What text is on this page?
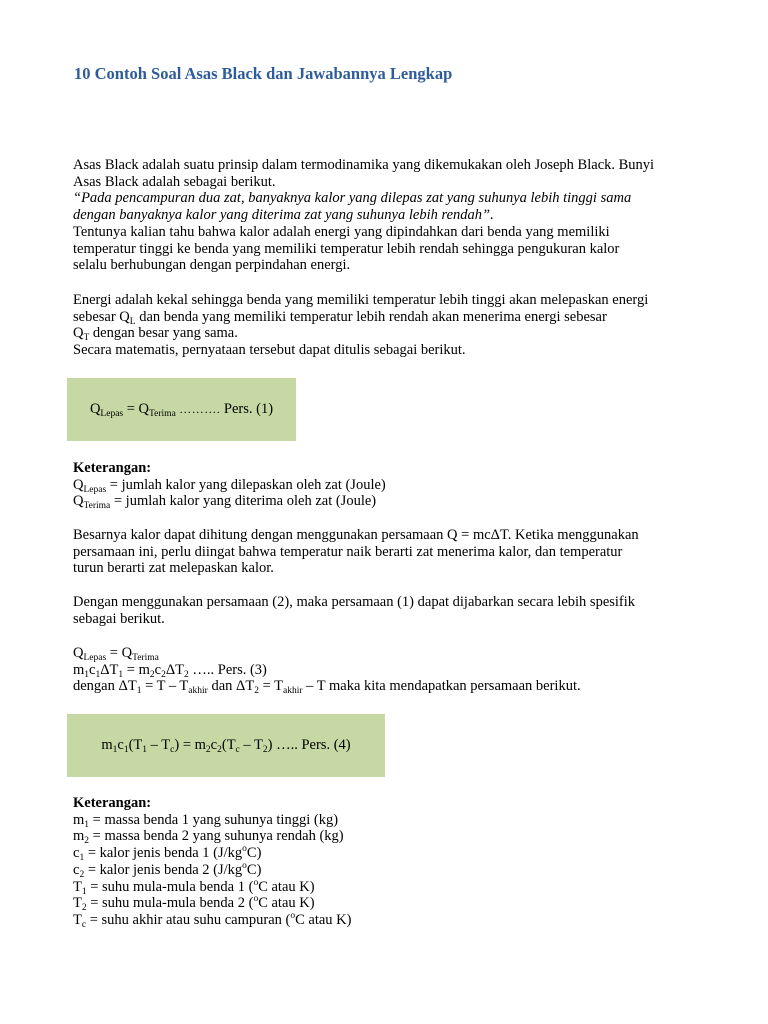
10 Contoh Soal Asas Black dan Jawabannya Lengkap

Asas Black adalah suatu prinsip dalam termodinamika yang dikemukakan oleh Joseph Black. Bunyi

Asas Black adalah sebagai berikut.

“Pada pencampuran dua zat, banyaknya kalor yang dilepas zat yang suhunya lebih tinggi sama

dengan banyaknya kalor yang diterima zat yang suhunya lebih rendah”.

Tentunya kalian tahu bahwa kalor adalah energi yang dipindahkan dari benda yang memiliki

temperatur tinggi ke benda yang memiliki temperatur lebih rendah sehingga pengukuran kalor

selalu berhubungan dengan perpindahan energi.

Energi adalah kekal sehingga benda yang memiliki temperatur lebih tinggi akan melepaskan energi

sebesar $Q_L$ dan benda yang memiliki temperatur lebih rendah akan menerima energi sebesar

$Q_T$ dengan besar yang sama.

Secara matematis, pernyataan tersebut dapat ditulis sebagai berikut.

$Q_{Lepas} = Q_{Terima}$ ………. Pers. (1)

Keterangan:

$Q_{Lepas}$ = jumlah kalor yang dilepaskan oleh zat (Joule)

$Q_{Terima}$ = jumlah kalor yang diterima oleh zat (Joule)

Besarnya kalor dapat dihitung dengan menggunakan persamaan Q = mcΔT. Ketika menggunakan

persamaan ini, perlu diingat bahwa temperatur naik berarti zat menerima kalor, dan temperatur

turun berarti zat melepaskan kalor.

Dengan menggunakan persamaan (2), maka persamaan (1) dapat dijabarkan secara lebih spesifik

sebagai berikut.

$Q_{Lepas} = Q_{Terima}$

$m_1c_1\Delta T_1 = m_2c_2\Delta T_2$ ….. Pers. (3)

dengan $\Delta T_1 = T - T_{akhir}$ dan $\Delta T_2 = T_{akhir} - T$ maka kita mendapatkan persamaan berikut.

$m_1c_1(T_1 - T_c) = m_2c_2(T_c - T_2)$ ….. Pers. (4)

Keterangan:

$m_1$ = massa benda 1 yang suhunya tinggi (kg)

$m_2$ = massa benda 2 yang suhunya rendah (kg)

$c_1$ = kalor jenis benda 1 $(J/kg^oC)$

$c_2$ = kalor jenis benda 2 $(J/kg^oC)$

$T_1$ = suhu mula-mula benda 1 ($^o$C atau K)

$T_2$ = suhu mula-mula benda 2 ($^o$C atau K)

$T_c$ = suhu akhir atau suhu campuran ($^o$C atau K)
